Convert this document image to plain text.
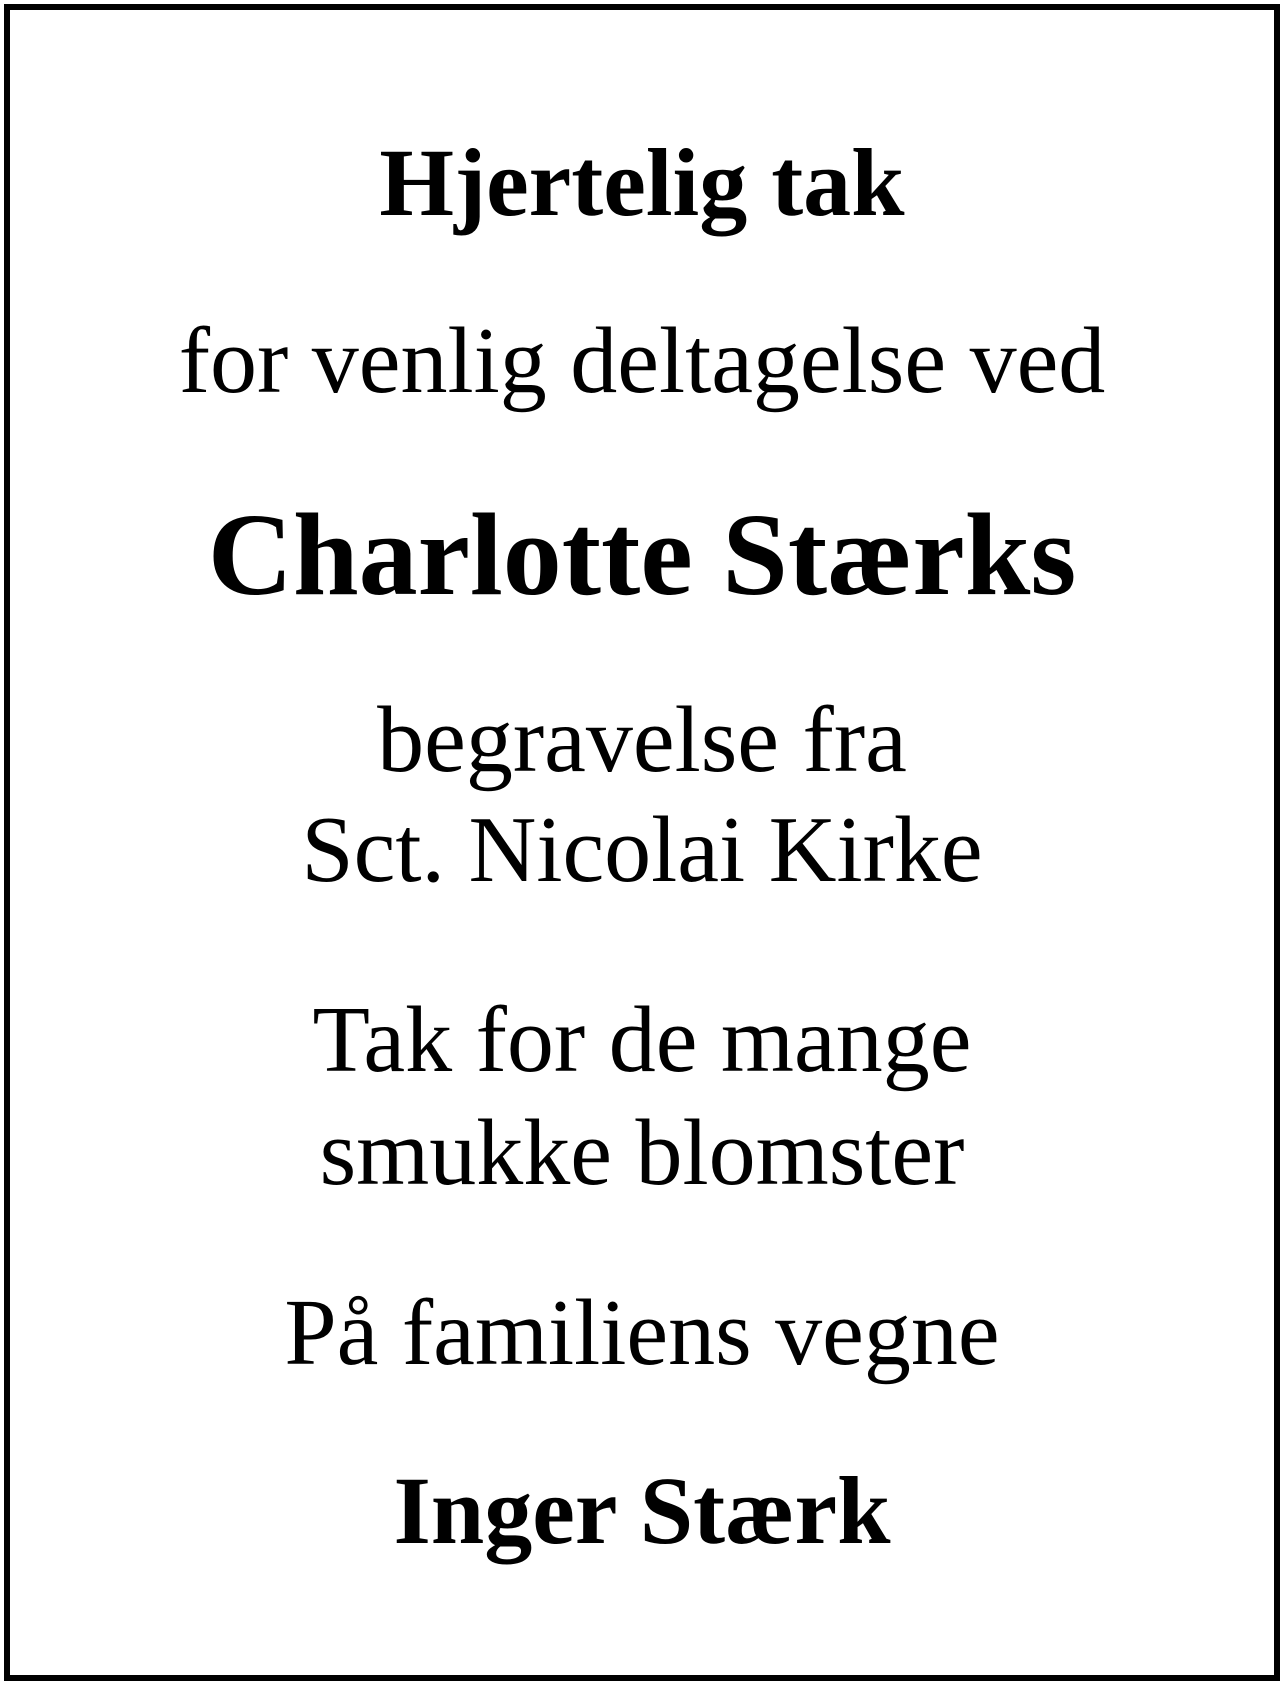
Hjertelig tak

for venlig deltagelse ved

Charlotte Stærks

begravelse fra

Sct. Nicolai Kirke

Tak for de mange

smukke blomster

På familiens vegne

Inger Stærk
